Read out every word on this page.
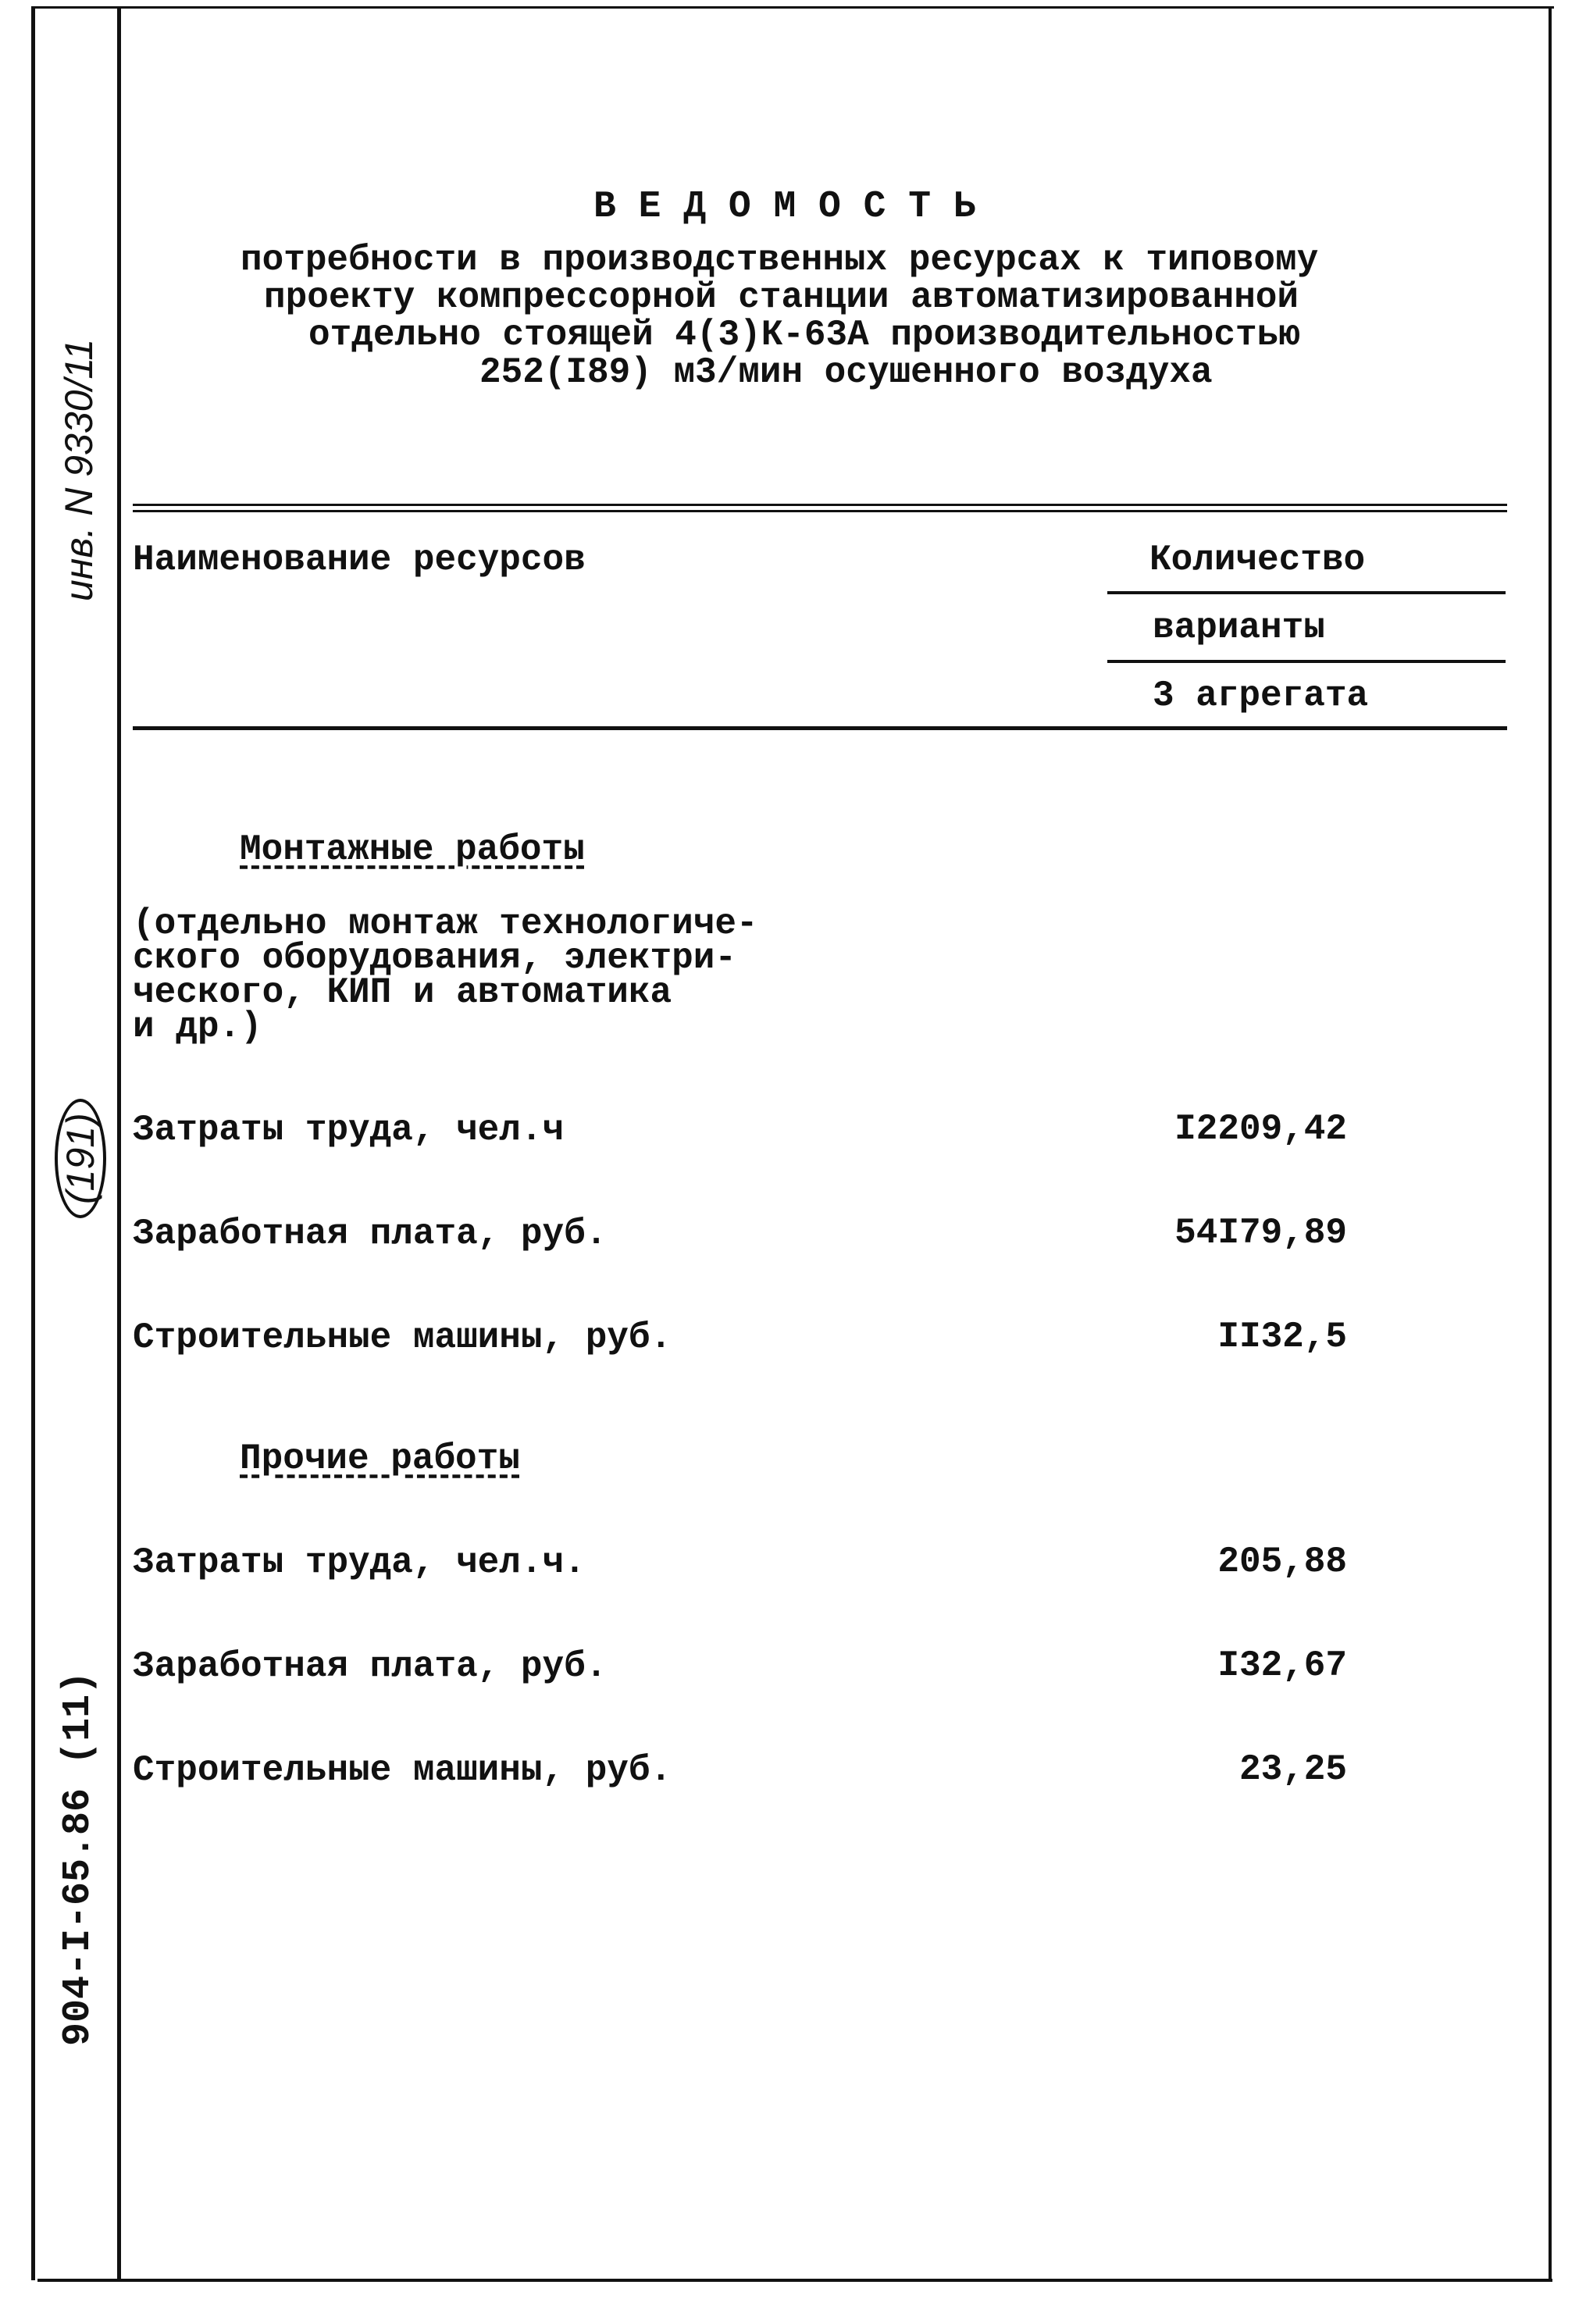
инв. N 9330/11
(191)
904-I-65.86 (11)
В Е Д О М О С Т Ь
потребности в производственных ресурсах к типовому
проекту компрессорной станции автоматизированной
отдельно стоящей 4(3)К-63А производительностью
252(I89) м3/мин осушенного воздуха
Наименование ресурсов	Количество
варианты
3 агрегата
Монтажные работы
(отдельно монтаж технологиче-
ского оборудования, электри-
ческого, КИП и автоматика
и др.)
Затраты труда, чел.ч	I2209,42
Заработная плата, руб.	54I79,89
Строительные машины, руб.	II32,5
Прочие работы
Затраты труда, чел.ч.	205,88
Заработная плата, руб.	I32,67
Строительные машины, руб.	23,25
